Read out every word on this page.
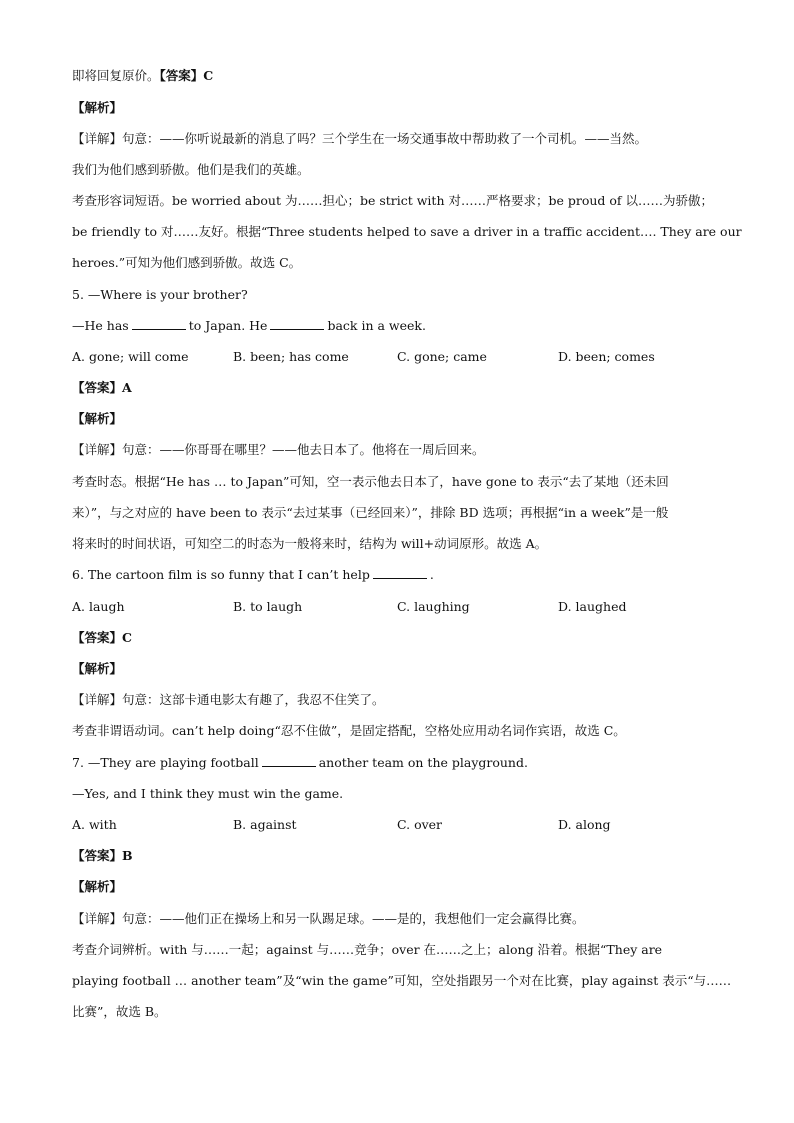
即将回复原价。【答案】C
【解析】
【详解】句意：——你听说最新的消息了吗？三个学生在一场交通事故中帮助救了一个司机。——当然。
我们为他们感到骄傲。他们是我们的英雄。
考查形容词短语。be worried about 为……担心；be strict with 对……严格要求；be proud of 以……为骄傲；
be friendly to 对……友好。根据“Three students helped to save a driver in a traffic accident…. They are our
heroes.”可知为他们感到骄傲。故选 C。
5. —Where is your brother?
—He has	to Japan. He	back in a week.
A. gone; will come	B. been; has come	C. gone; came	D. been; comes
【答案】A
【解析】
【详解】句意：——你哥哥在哪里？——他去日本了。他将在一周后回来。
考查时态。根据“He has … to Japan”可知，空一表示他去日本了，have gone to 表示“去了某地（还未回
来）”，与之对应的 have been to 表示“去过某事（已经回来）”，排除 BD 选项；再根据“in a week”是一般
将来时的时间状语，可知空二的时态为一般将来时，结构为 will+动词原形。故选 A。
6. The cartoon film is so funny that I can’t help	.
A. laugh	B. to laugh	C. laughing	D. laughed
【答案】C
【解析】
【详解】句意：这部卡通电影太有趣了，我忍不住笑了。
考查非谓语动词。can’t help doing“忍不住做”，是固定搭配，空格处应用动名词作宾语，故选 C。
7. —They are playing football	another team on the playground.
—Yes, and I think they must win the game.
A. with	B. against	C. over	D. along
【答案】B
【解析】
【详解】句意：——他们正在操场上和另一队踢足球。——是的，我想他们一定会赢得比赛。
考查介词辨析。with 与……一起；against 与……竞争；over 在……之上；along 沿着。根据“They are
playing football … another team”及“win the game”可知，空处指跟另一个对在比赛，play against 表示“与……
比赛”，故选 B。
